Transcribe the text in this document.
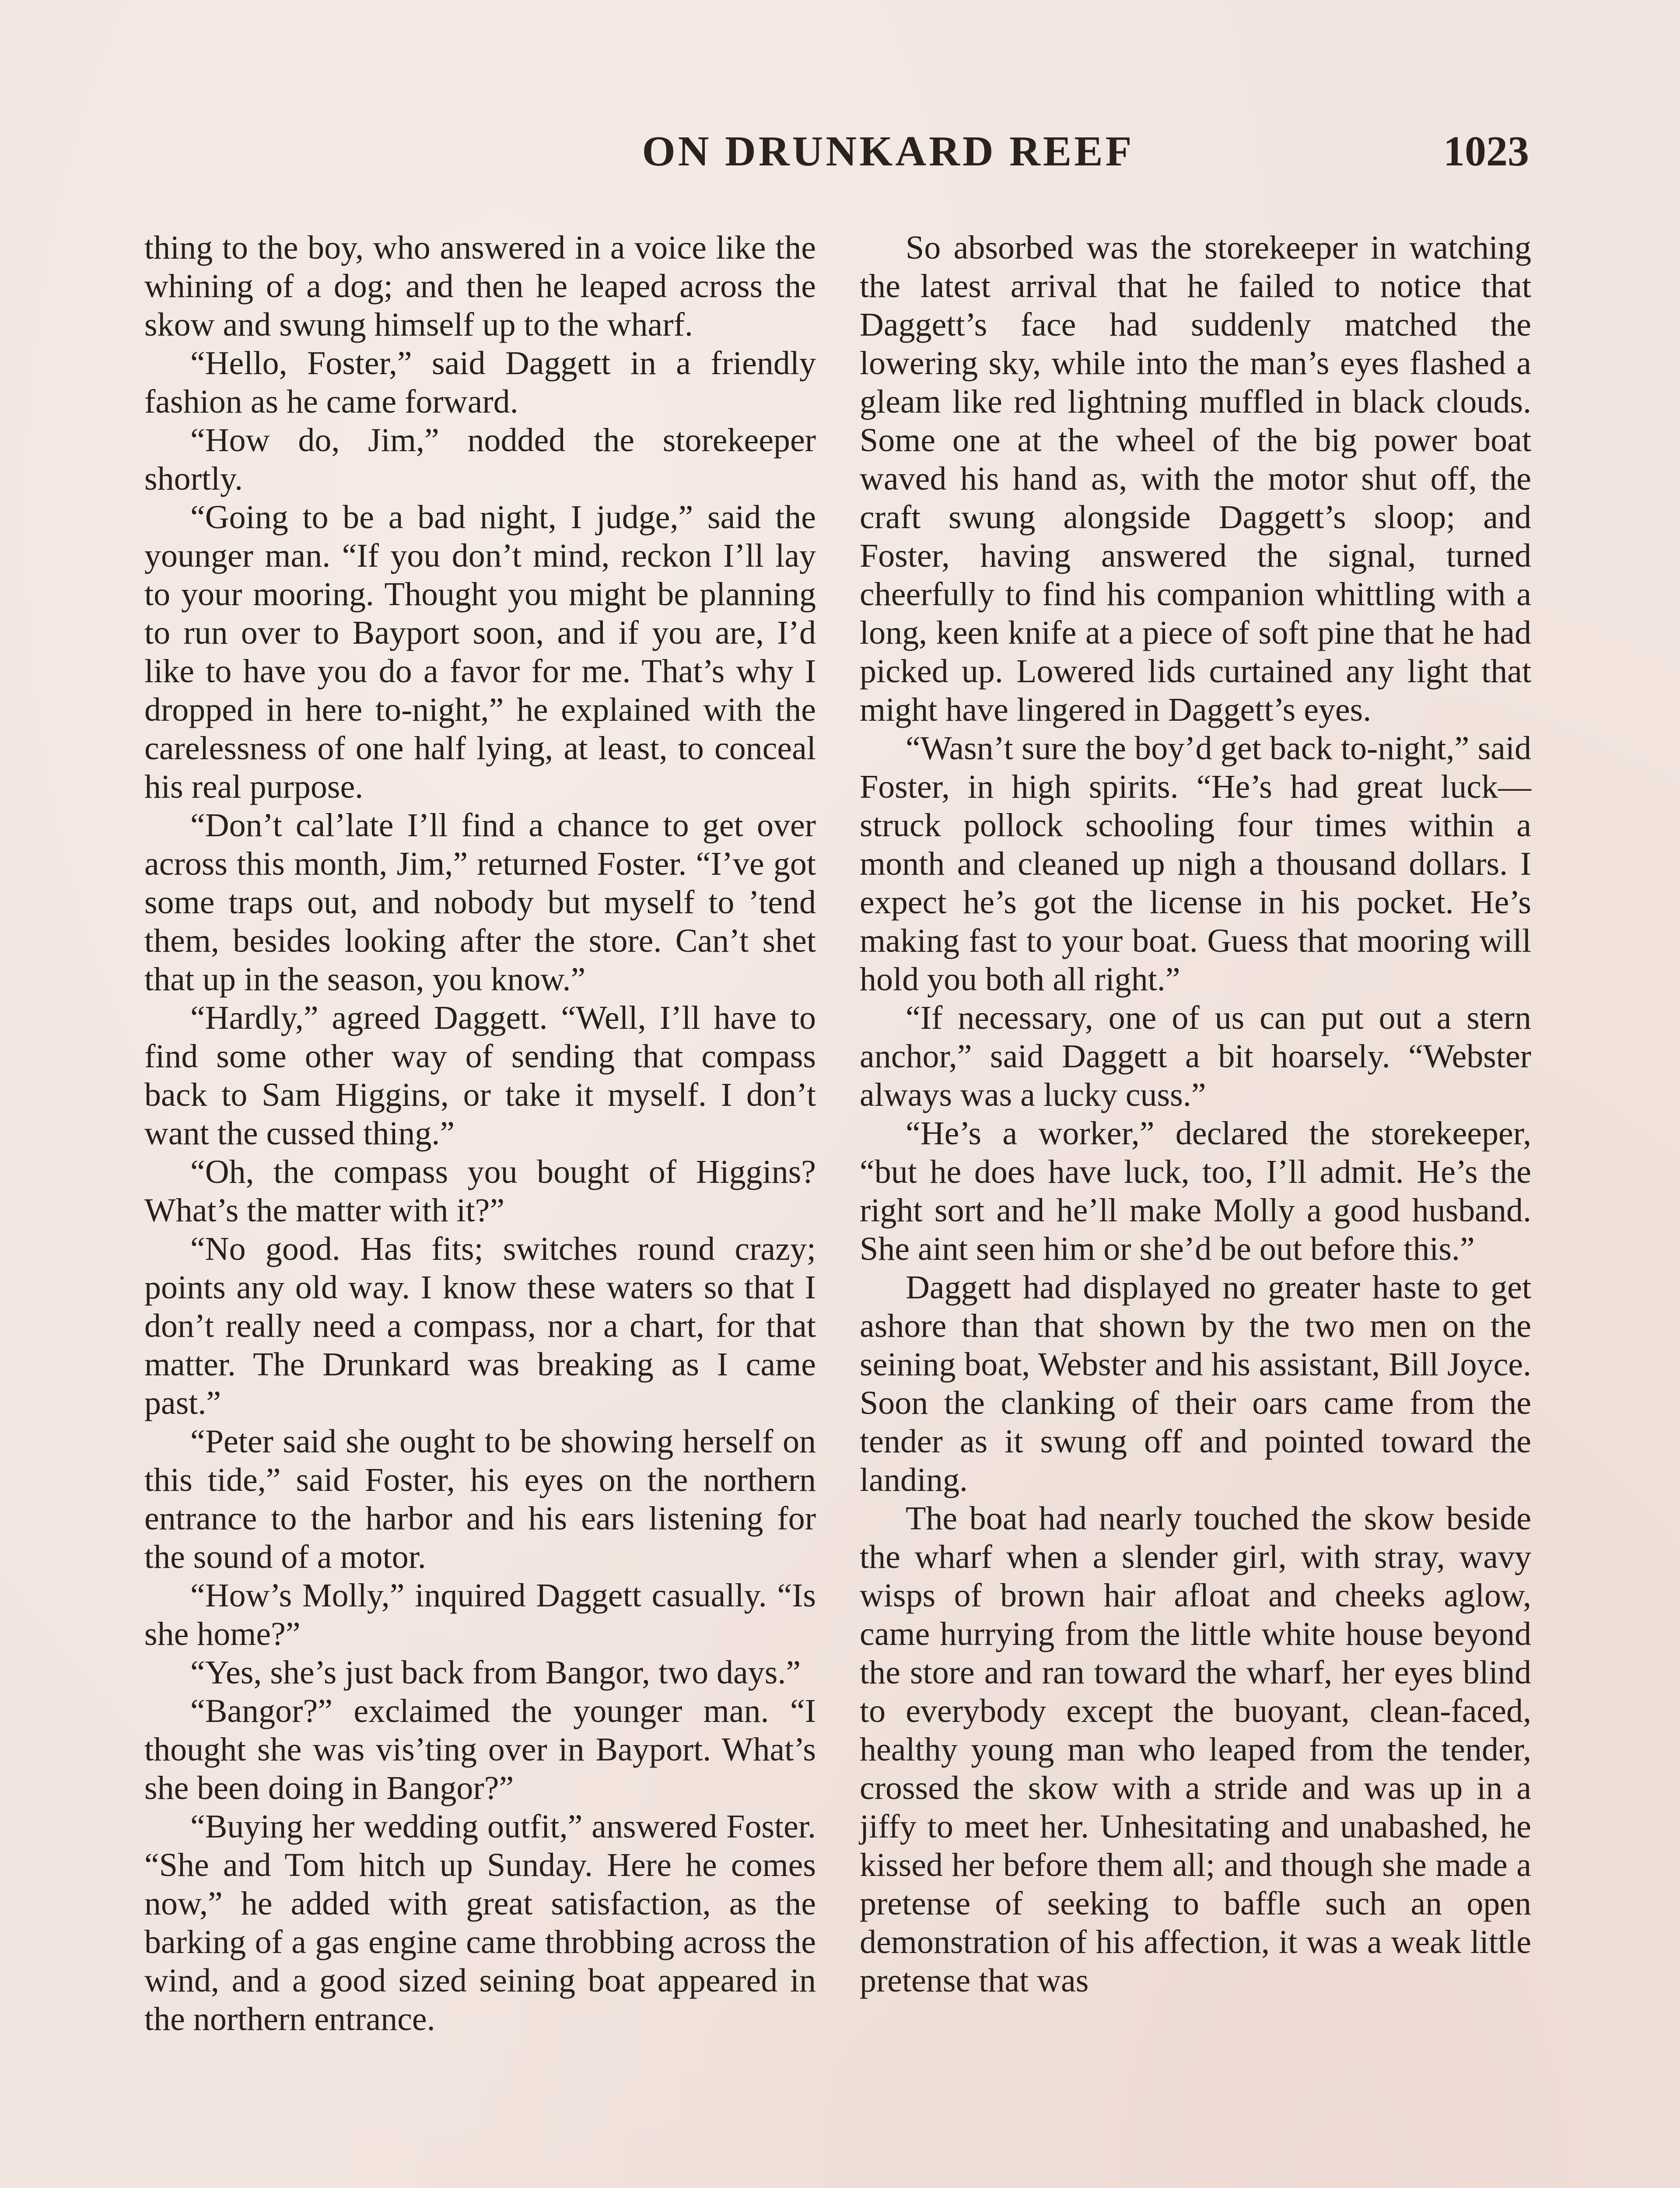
ON DRUNKARD REEF	1023

thing to the boy, who answered in a voice like the whining of a dog; and then he leaped across the skow and swung himself up to the wharf.

“Hello, Foster,” said Daggett in a friendly fashion as he came forward.

“How do, Jim,” nodded the storekeeper shortly.

“Going to be a bad night, I judge,” said the younger man. “If you don’t mind, reckon I’ll lay to your mooring. Thought you might be planning to run over to Bayport soon, and if you are, I’d like to have you do a favor for me. That’s why I dropped in here to-night,” he explained with the carelessness of one half lying, at least, to conceal his real purpose.

“Don’t cal’late I’ll find a chance to get over across this month, Jim,” returned Foster. “I’ve got some traps out, and nobody but myself to ’tend them, besides looking after the store. Can’t shet that up in the season, you know.”

“Hardly,” agreed Daggett. “Well, I’ll have to find some other way of sending that compass back to Sam Higgins, or take it myself. I don’t want the cussed thing.”

“Oh, the compass you bought of Higgins? What’s the matter with it?”

“No good. Has fits; switches round crazy; points any old way. I know these waters so that I don’t really need a compass, nor a chart, for that matter. The Drunkard was breaking as I came past.”

“Peter said she ought to be showing herself on this tide,” said Foster, his eyes on the northern entrance to the harbor and his ears listening for the sound of a motor.

“How’s Molly,” inquired Daggett casually. “Is she home?”

“Yes, she’s just back from Bangor, two days.”

“Bangor?” exclaimed the younger man. “I thought she was vis’ting over in Bayport. What’s she been doing in Bangor?”

“Buying her wedding outfit,” answered Foster. “She and Tom hitch up Sunday. Here he comes now,” he added with great satisfaction, as the barking of a gas engine came throbbing across the wind, and a good sized seining boat appeared in the northern entrance.

So absorbed was the storekeeper in watching the latest arrival that he failed to notice that Daggett’s face had suddenly matched the lowering sky, while into the man’s eyes flashed a gleam like red lightning muffled in black clouds. Some one at the wheel of the big power boat waved his hand as, with the motor shut off, the craft swung alongside Daggett’s sloop; and Foster, having answered the signal, turned cheerfully to find his companion whittling with a long, keen knife at a piece of soft pine that he had picked up. Lowered lids curtained any light that might have lingered in Daggett’s eyes.

“Wasn’t sure the boy’d get back to-night,” said Foster, in high spirits. “He’s had great luck—struck pollock schooling four times within a month and cleaned up nigh a thousand dollars. I expect he’s got the license in his pocket. He’s making fast to your boat. Guess that mooring will hold you both all right.”

“If necessary, one of us can put out a stern anchor,” said Daggett a bit hoarsely. “Webster always was a lucky cuss.”

“He’s a worker,” declared the storekeeper, “but he does have luck, too, I’ll admit. He’s the right sort and he’ll make Molly a good husband. She aint seen him or she’d be out before this.”

Daggett had displayed no greater haste to get ashore than that shown by the two men on the seining boat, Webster and his assistant, Bill Joyce. Soon the clanking of their oars came from the tender as it swung off and pointed toward the landing.

The boat had nearly touched the skow beside the wharf when a slender girl, with stray, wavy wisps of brown hair afloat and cheeks aglow, came hurrying from the little white house beyond the store and ran toward the wharf, her eyes blind to everybody except the buoyant, clean-faced, healthy young man who leaped from the tender, crossed the skow with a stride and was up in a jiffy to meet her. Unhesitating and unabashed, he kissed her before them all; and though she made a pretense of seeking to baffle such an open demonstration of his affection, it was a weak little pretense that was
